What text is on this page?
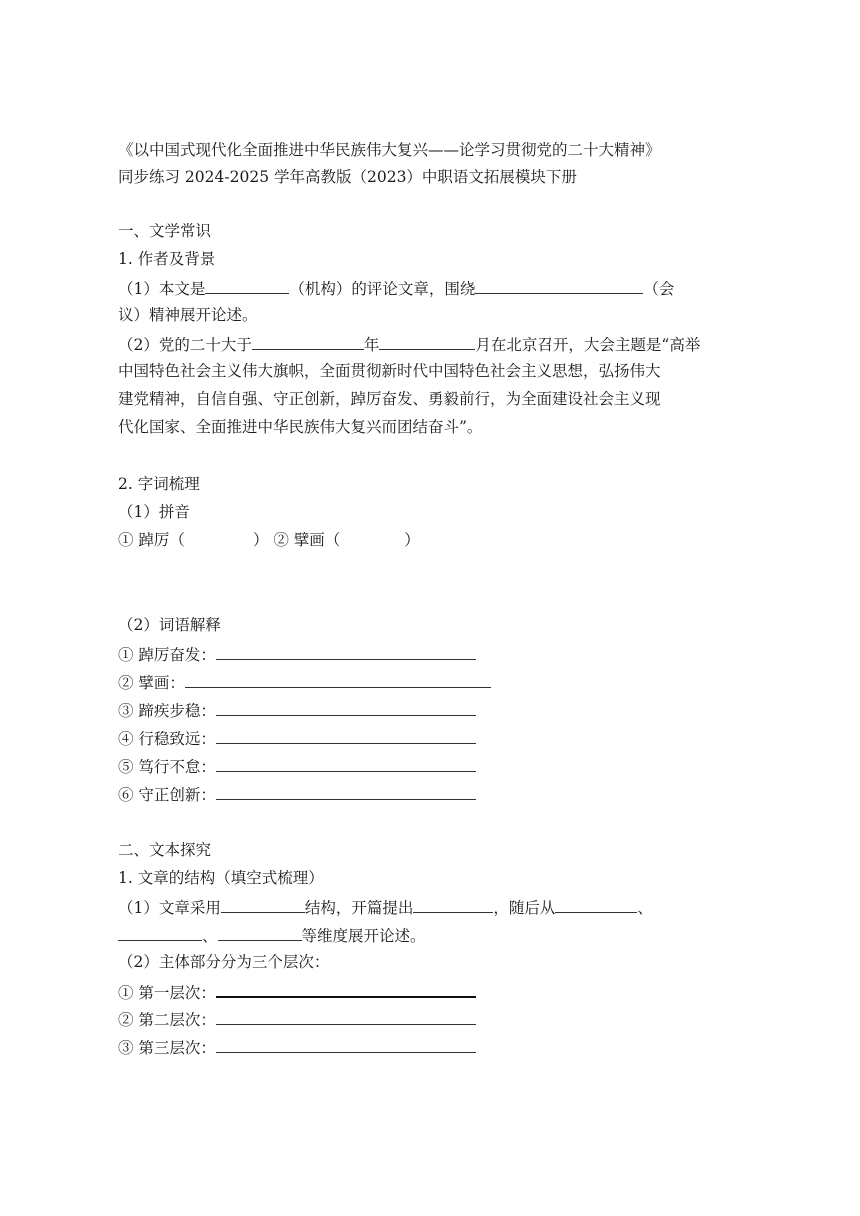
《以中国式现代化全面推进中华民族伟大复兴——论学习贯彻党的二十大精神》
同步练习 2024-2025 学年高教版（2023）中职语文拓展模块下册
一、文学常识
1. 作者及背景
（1）本文是	（机构）的评论文章，围绕	（会
议）精神展开论述。
（2）党的二十大于	年	月在北京召开，大会主题是“高举
中国特色社会主义伟大旗帜，全面贯彻新时代中国特色社会主义思想，弘扬伟大
建党精神，自信自强、守正创新，踔厉奋发、勇毅前行，为全面建设社会主义现
代化国家、全面推进中华民族伟大复兴而团结奋斗”。
2. 字词梳理
（1）拼音
① 踔厉（	） ② 擘画（	）
（2）词语解释
① 踔厉奋发：
② 擘画：
③ 蹄疾步稳：
④ 行稳致远：
⑤ 笃行不怠：
⑥ 守正创新：
二、文本探究
1. 文章的结构（填空式梳理）
（1）文章采用	结构，开篇提出	，随后从	、
、	等维度展开论述。
（2）主体部分分为三个层次：
① 第一层次：
② 第二层次：
③ 第三层次：
